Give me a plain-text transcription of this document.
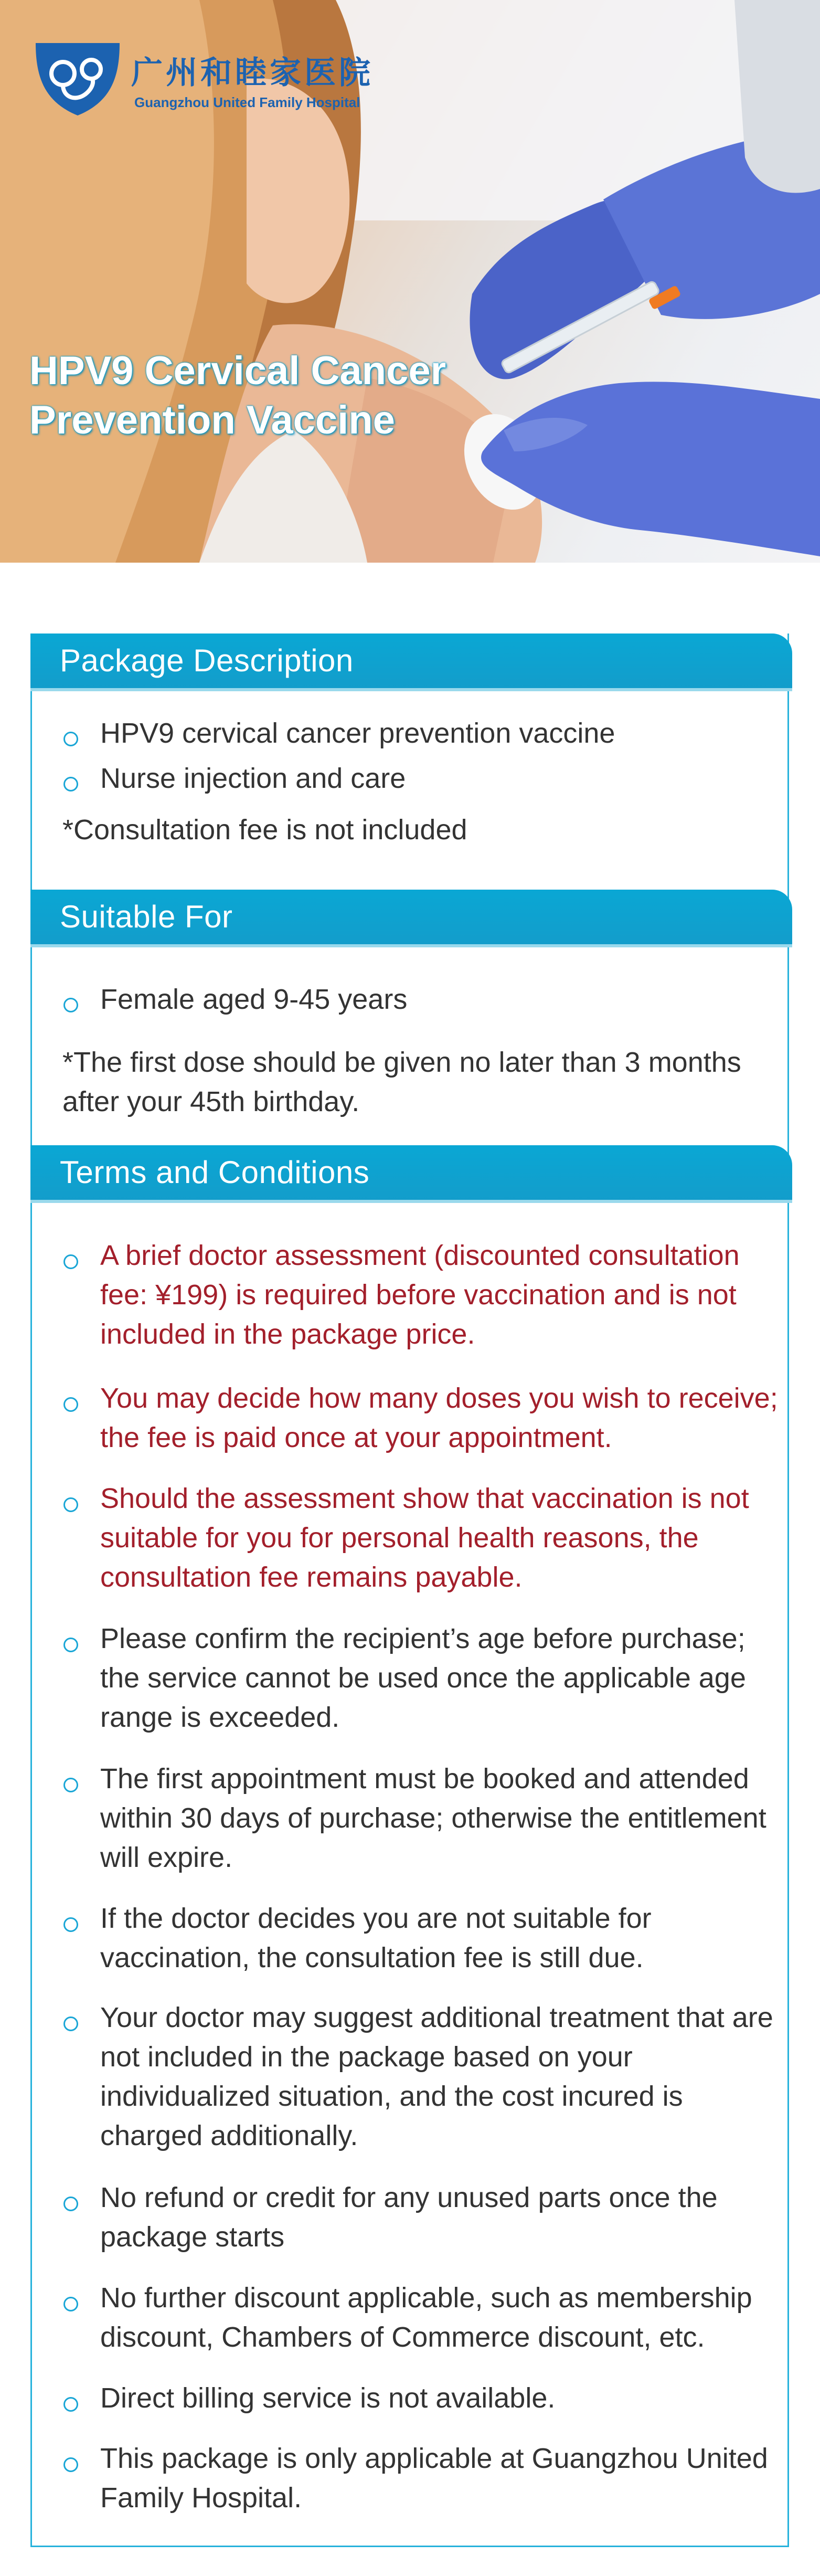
广州和睦家医院
Guangzhou United Family Hospital
HPV9 Cervical Cancer
Prevention Vaccine
Package Description
HPV9 cervical cancer prevention vaccine
Nurse injection and care
*Consultation fee is not included
Suitable For
Female aged 9-45 years
*The first dose should be given no later than 3 months after your 45th birthday.
Terms and Conditions
A brief doctor assessment (discounted consultation fee: ¥199) is required before vaccination and is not included in the package price.
You may decide how many doses you wish to receive; the fee is paid once at your appointment.
Should the assessment show that vaccination is not suitable for you for personal health reasons, the consultation fee remains payable.
Please confirm the recipient’s age before purchase; the service cannot be used once the applicable age range is exceeded.
The first appointment must be booked and attended within 30 days of purchase; otherwise the entitlement will expire.
If the doctor decides you are not suitable for vaccination, the consultation fee is still due.
Your doctor may suggest additional treatment that are not included in the package based on your individualized situation, and the cost incured is charged additionally.
No refund or credit for any unused parts once the package starts
No further discount applicable, such as membership discount, Chambers of Commerce discount, etc.
Direct billing service is not available.
This package is only applicable at Guangzhou United Family Hospital.
